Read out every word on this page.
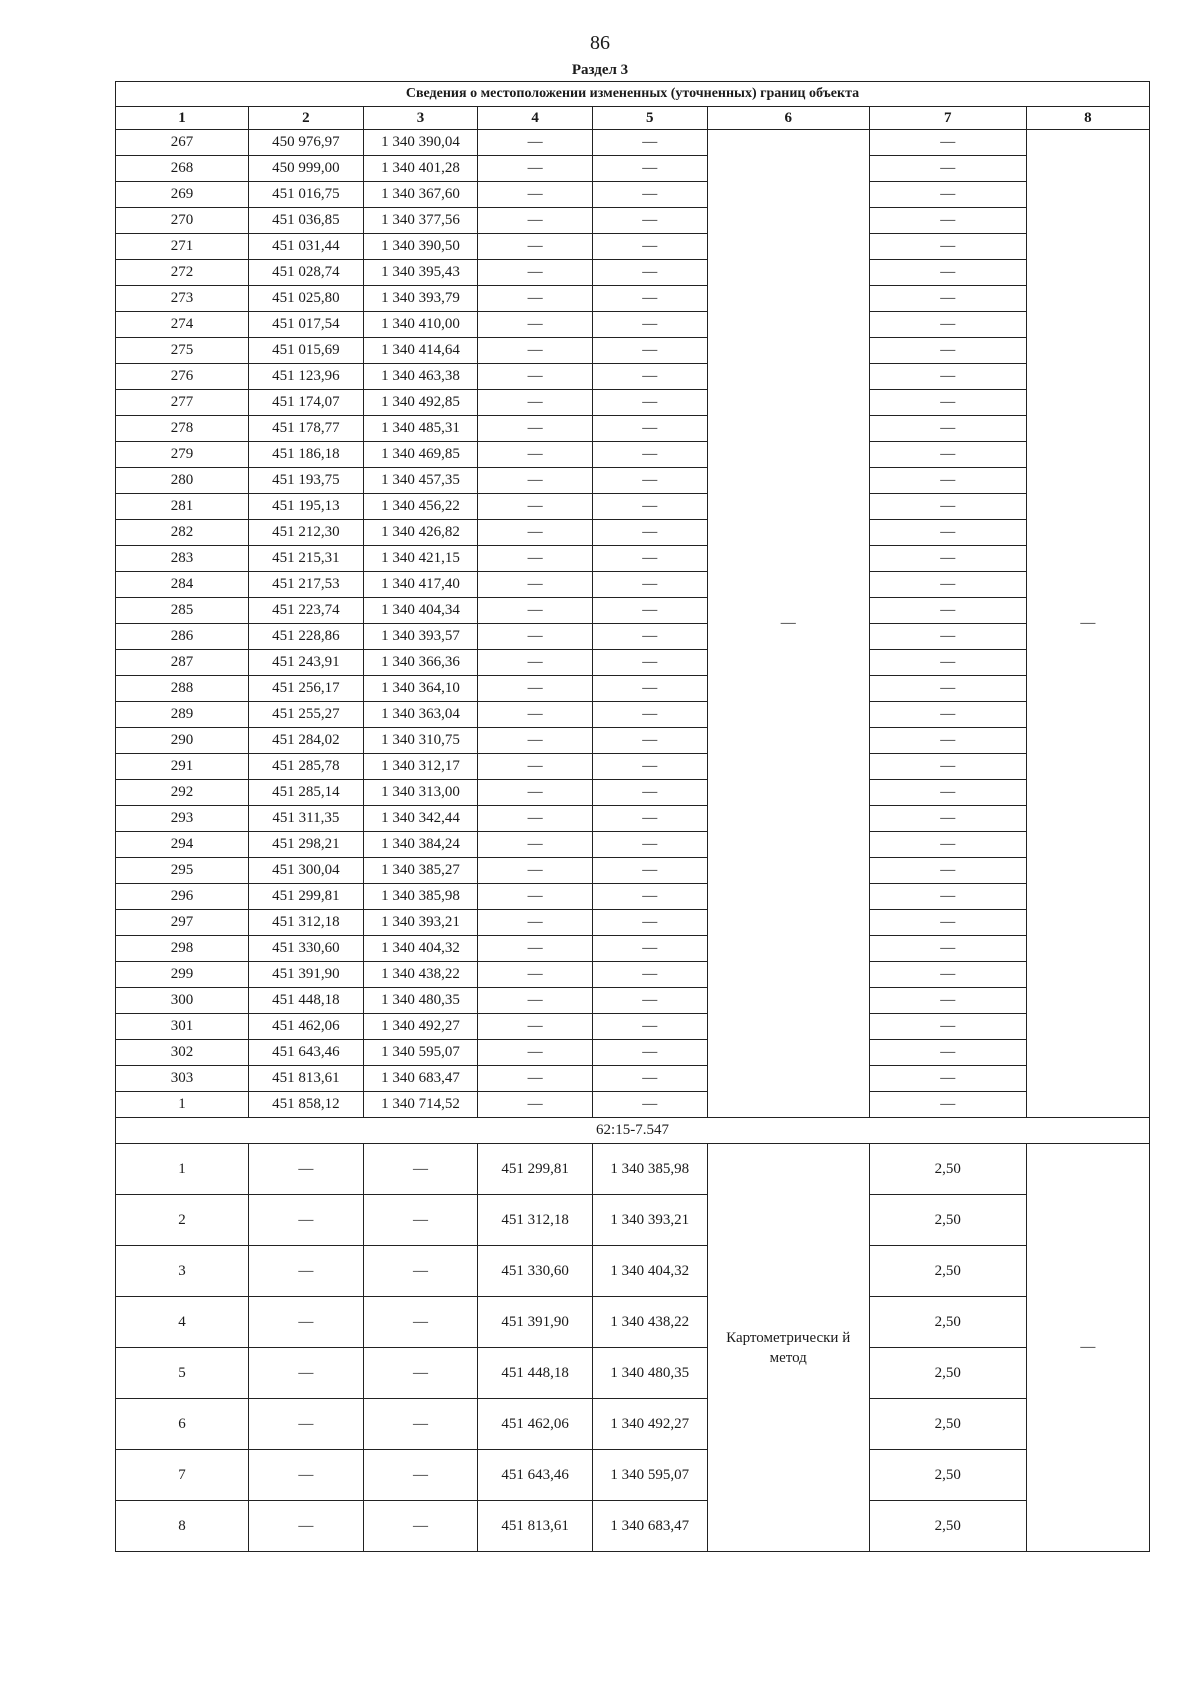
86
Раздел 3
Сведения о местоположении измененных (уточненных) границ объекта							
1	2	3	4	5	6	7	8
267	450 976,97	1 340 390,04	—	—	—	—	—
268	450 999,00	1 340 401,28	—	—		—	
269	451 016,75	1 340 367,60	—	—		—	
270	451 036,85	1 340 377,56	—	—		—	
271	451 031,44	1 340 390,50	—	—		—	
272	451 028,74	1 340 395,43	—	—		—	
273	451 025,80	1 340 393,79	—	—		—	
274	451 017,54	1 340 410,00	—	—		—	
275	451 015,69	1 340 414,64	—	—		—	
276	451 123,96	1 340 463,38	—	—		—	
277	451 174,07	1 340 492,85	—	—		—	
278	451 178,77	1 340 485,31	—	—		—	
279	451 186,18	1 340 469,85	—	—		—	
280	451 193,75	1 340 457,35	—	—		—	
281	451 195,13	1 340 456,22	—	—		—	
282	451 212,30	1 340 426,82	—	—		—	
283	451 215,31	1 340 421,15	—	—		—	
284	451 217,53	1 340 417,40	—	—		—	
285	451 223,74	1 340 404,34	—	—		—	
286	451 228,86	1 340 393,57	—	—		—	
287	451 243,91	1 340 366,36	—	—		—	
288	451 256,17	1 340 364,10	—	—		—	
289	451 255,27	1 340 363,04	—	—		—	
290	451 284,02	1 340 310,75	—	—		—	
291	451 285,78	1 340 312,17	—	—		—	
292	451 285,14	1 340 313,00	—	—		—	
293	451 311,35	1 340 342,44	—	—		—	
294	451 298,21	1 340 384,24	—	—		—	
295	451 300,04	1 340 385,27	—	—		—	
296	451 299,81	1 340 385,98	—	—		—	
297	451 312,18	1 340 393,21	—	—		—	
298	451 330,60	1 340 404,32	—	—		—	
299	451 391,90	1 340 438,22	—	—		—	
300	451 448,18	1 340 480,35	—	—		—	
301	451 462,06	1 340 492,27	—	—		—	
302	451 643,46	1 340 595,07	—	—		—	
303	451 813,61	1 340 683,47	—	—		—	
1	451 858,12	1 340 714,52	—	—		—	
62:15-7.547							
1	—	—	451 299,81	1 340 385,98	Картометрически й метод	2,50	—
2	—	—	451 312,18	1 340 393,21		2,50	
3	—	—	451 330,60	1 340 404,32		2,50	
4	—	—	451 391,90	1 340 438,22		2,50	
5	—	—	451 448,18	1 340 480,35		2,50	
6	—	—	451 462,06	1 340 492,27		2,50	
7	—	—	451 643,46	1 340 595,07		2,50	
8	—	—	451 813,61	1 340 683,47		2,50	
